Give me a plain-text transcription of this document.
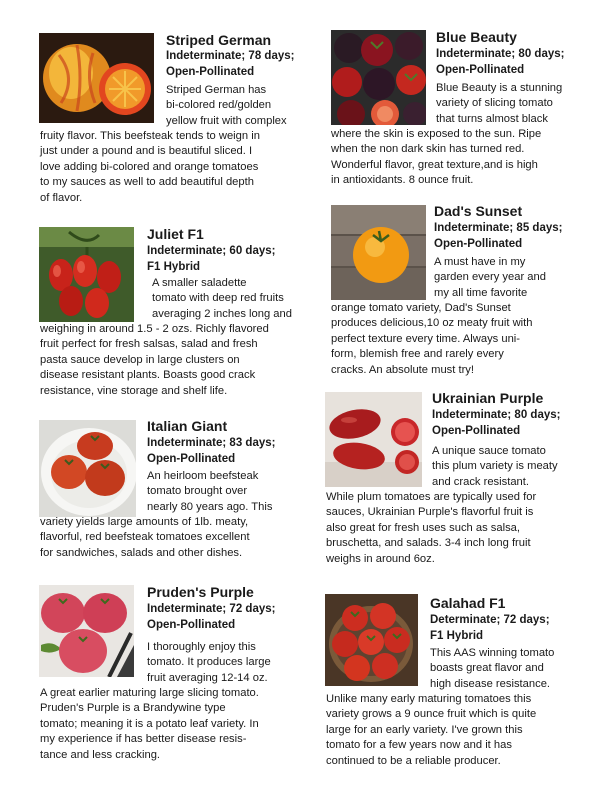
Striped German
Indeterminate; 78 days;
Open-Pollinated
Striped German has
bi-colored red/golden
yellow fruit with complex
fruity flavor. This beefsteak tends to weign in
just under a pound and is beautiful sliced. I
love adding bi-colored and orange tomatoes
to my sauces as well to add beautiful depth
of flavor.
Juliet F1
Indeterminate; 60 days;
F1 Hybrid
A smaller saladette
tomato with deep red fruits
averaging 2 inches long and
weighing in around 1.5 - 2 ozs. Richly flavored
fruit perfect for fresh salsas, salad and fresh
pasta sauce develop in large clusters on
disease resistant plants. Boasts good crack
resistance, vine storage and shelf life.
Italian Giant
Indeterminate; 83 days;
Open-Pollinated
An heirloom beefsteak
tomato brought over
nearly 80 years ago. This
variety yields large amounts of 1lb. meaty,
flavorful, red beefsteak tomatoes excellent
for sandwiches, salads and other dishes.
Pruden's Purple
Indeterminate; 72 days;
Open-Pollinated
I thoroughly enjoy this
tomato. It produces large
fruit averaging 12-14 oz.
A great earlier maturing large slicing tomato.
Pruden's Purple is a Brandywine type
tomato; meaning it is a potato leaf variety. In
my experience if has better disease resis-
tance and less cracking.
Blue Beauty
Indeterminate; 80 days;
Open-Pollinated
Blue Beauty is a stunning
variety of slicing tomato
that turns almost black
where the skin is exposed to the sun. Ripe
when the non dark skin has turned red.
Wonderful flavor, great texture,and is high
in antioxidants. 8 ounce fruit.
Dad's Sunset
Indeterminate; 85 days;
Open-Pollinated
A must have in my
garden every year and
my all time favorite
orange tomato variety, Dad's Sunset
produces delicious,10 oz meaty fruit with
perfect texture every time. Always uni-
form, blemish free and rarely every
cracks. An absolute must try!
Ukrainian Purple
Indeterminate; 80 days;
Open-Pollinated
A unique sauce tomato
this plum variety is meaty
and crack resistant.
While plum tomatoes are typically used for
sauces, Ukrainian Purple's flavorful fruit is
also great for fresh uses such as salsa,
bruschetta, and salads. 3-4 inch long fruit
weighs in around 6oz.
Galahad F1
Determinate; 72 days;
F1 Hybrid
This AAS winning tomato
boasts great flavor and
high disease resistance.
Unlike many early maturing tomatoes this
variety grows a 9 ounce fruit which is quite
large for an early variety. I've grown this
tomato for a few years now and it has
continued to be a reliable producer.
